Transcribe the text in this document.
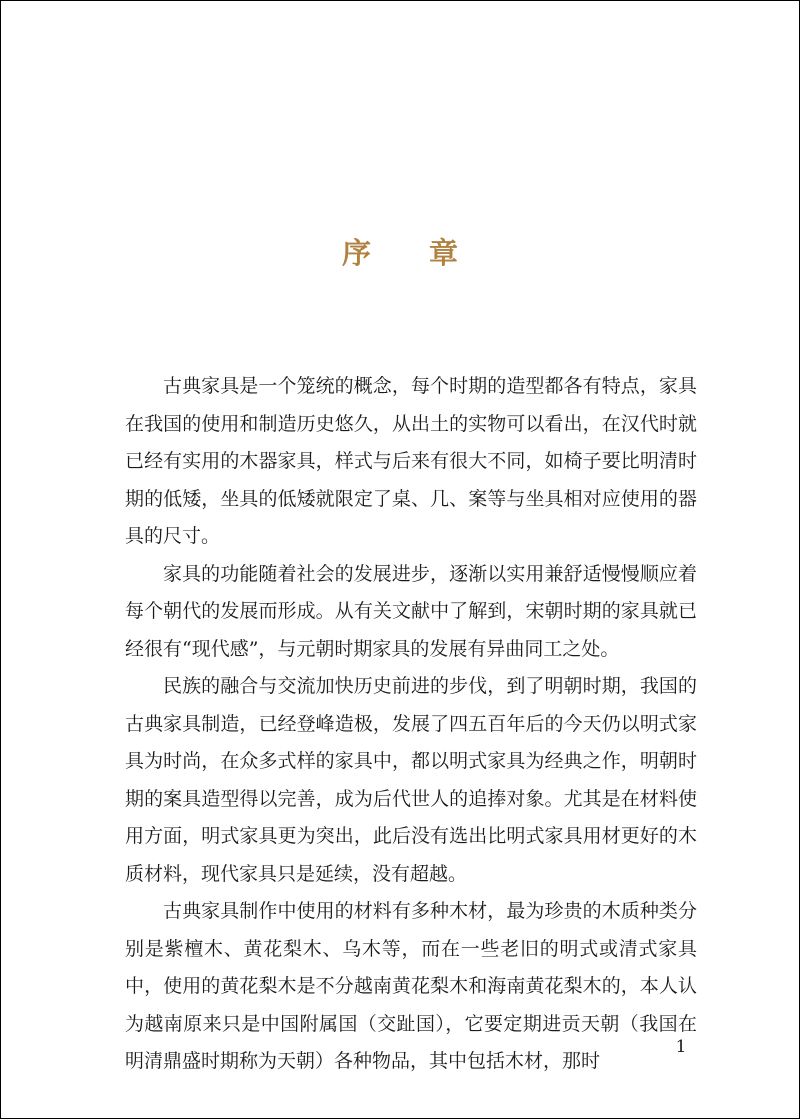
序 章

古典家具是一个笼统的概念，每个时期的造型都各有特点，家具在我国的使用和制造历史悠久，从出土的实物可以看出，在汉代时就已经有实用的木器家具，样式与后来有很大不同，如椅子要比明清时期的低矮，坐具的低矮就限定了桌、几、案等与坐具相对应使用的器具的尺寸。

家具的功能随着社会的发展进步，逐渐以实用兼舒适慢慢顺应着每个朝代的发展而形成。从有关文献中了解到，宋朝时期的家具就已经很有“现代感”，与元朝时期家具的发展有异曲同工之处。

民族的融合与交流加快历史前进的步伐，到了明朝时期，我国的古典家具制造，已经登峰造极，发展了四五百年后的今天仍以明式家具为时尚，在众多式样的家具中，都以明式家具为经典之作，明朝时期的案具造型得以完善，成为后代世人的追捧对象。尤其是在材料使用方面，明式家具更为突出，此后没有选出比明式家具用材更好的木质材料，现代家具只是延续，没有超越。

古典家具制作中使用的材料有多种木材，最为珍贵的木质种类分别是紫檀木、黄花梨木、乌木等，而在一些老旧的明式或清式家具中，使用的黄花梨木是不分越南黄花梨木和海南黄花梨木的，本人认为越南原来只是中国附属国（交趾国），它要定期进贡天朝（我国在明清鼎盛时期称为天朝）各种物品，其中包括木材，那时

1
